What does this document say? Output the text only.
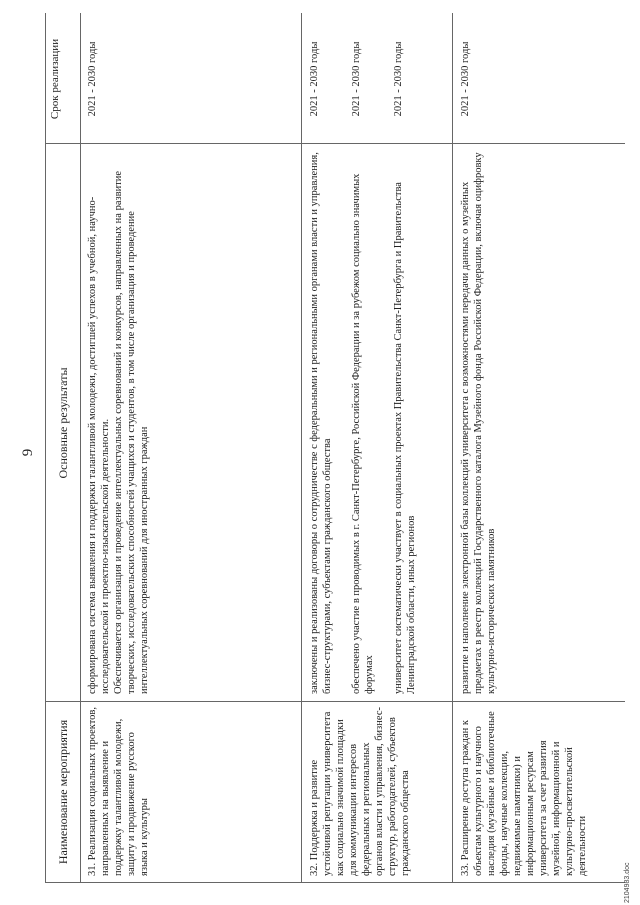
9
Наименование мероприятия
Основные результаты
Срок реализации
31. Реализация социальных проектов, направленных на выявление и поддержку талантливой молодежи, защиту и продвижение русского языка и культуры
сформирована система выявления и поддержки талантливой молодежи, достигшей успехов в учебной, научно-исследовательской и проектно-изыскательской деятельности. Обеспечивается организация и проведение интеллектуальных соревнований и конкурсов, направленных на развитие творческих, исследовательских способностей учащихся и студентов, в том числе организация и проведение интеллектуальных соревнований для иностранных граждан
2021 - 2030 годы
32. Поддержка и развитие устойчивой репутации университета как социально значимой площадки для коммуникации интересов федеральных и региональных органов власти и управления, бизнес-структур, работодателей, субъектов гражданского общества
заключены и реализованы договоры о сотрудничестве с федеральными и региональными органами власти и управления, бизнес-структурами, субъектами гражданского общества
2021 - 2030 годы
обеспечено участие в проводимых в г. Санкт-Петербурге, Российской Федерации и за рубежом социально значимых форумах
2021 - 2030 годы
университет систематически участвует в социальных проектах Правительства Санкт-Петербурга и Правительства Ленинградской области, иных регионов
2021 - 2030 годы
33. Расширение доступа граждан к объектам культурного и научного наследия (музейные и библиотечные фонды, научные коллекции, недвижимые памятники) и информационным ресурсам университета за счет развития музейной, информационной и культурно-просветительской деятельности
развитие и наполнение электронной базы коллекций университета с возможностями передачи данных о музейных предметах в реестр коллекций Государственного каталога Музейного фонда Российской Федерации, включая оцифровку культурно-исторических памятников
2021 - 2030 годы
2104983.doc
